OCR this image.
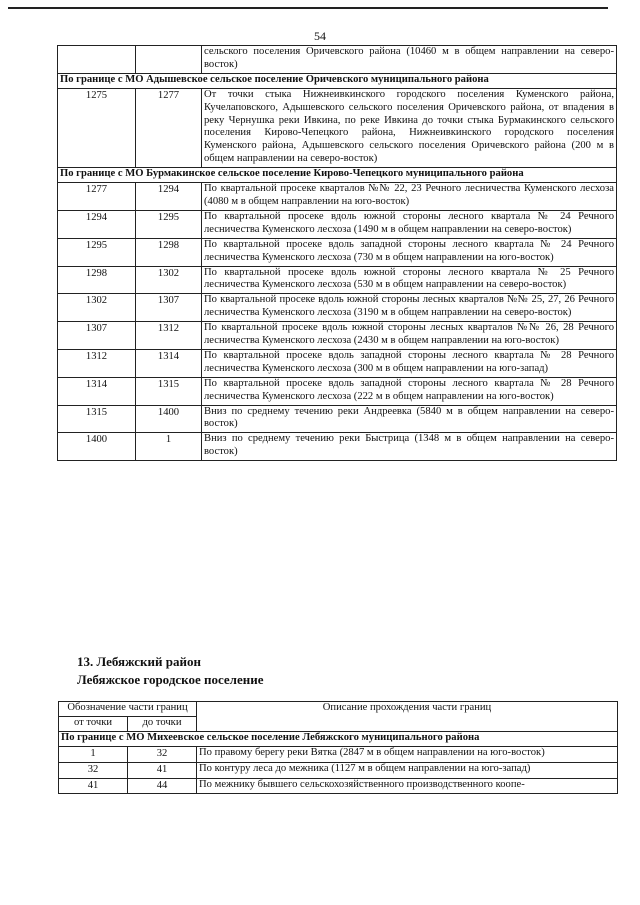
54
		сельского поселения Оричевского района (10460 м в общем направлении на северо-восток)
По границе с МО Адышевское сельское поселение Оричевского муниципального района		
1275	1277	От точки стыка Нижнеивкинского городского поселения Куменского района, Кучелаповского, Адышевского сельского поселения Оричевского района, от впадения в реку Чернушка реки Ивкина, по реке Ивкина до точки стыка Бурмакинского сельского поселения Кирово-Чепецкого района, Нижнеивкинского городского поселения Куменского района, Адышевского сельского поселения Оричевского района (200 м в общем направлении на северо-восток)
По границе с МО Бурмакинское сельское поселение Кирово-Чепецкого муниципального района		
1277	1294	По квартальной просеке кварталов №№ 22, 23 Речного лесничества Куменского лесхоза (4080 м в общем направлении на юго-восток)
1294	1295	По квартальной просеке вдоль южной стороны лесного квартала № 24 Речного лесничества Куменского лесхоза (1490 м в общем направлении на северо-восток)
1295	1298	По квартальной просеке вдоль западной стороны лесного квартала № 24 Речного лесничества Куменского лесхоза (730 м в общем направлении на юго-восток)
1298	1302	По квартальной просеке вдоль южной стороны лесного квартала № 25 Речного лесничества Куменского лесхоза (530 м в общем направлении на северо-восток)
1302	1307	По квартальной просеке вдоль южной стороны лесных кварталов №№ 25, 27, 26 Речного лесничества Куменского лесхоза (3190 м в общем направлении на северо-восток)
1307	1312	По квартальной просеке вдоль южной стороны лесных кварталов №№ 26, 28 Речного лесничества Куменского лесхоза (2430 м в общем направлении на юго-восток)
1312	1314	По квартальной просеке вдоль западной стороны лесного квартала № 28 Речного лесничества Куменского лесхоза (300 м в общем направлении на юго-запад)
1314	1315	По квартальной просеке вдоль западной стороны лесного квартала № 28 Речного лесничества Куменского лесхоза (222 м в общем направлении на юго-восток)
1315	1400	Вниз по среднему течению реки Андреевка (5840 м в общем направлении на северо-восток)
1400	1	Вниз по среднему течению реки Быстрица (1348 м в общем направлении на северо-восток)
13. Лебяжский район
Лебяжское городское поселение
Обозначение части границ		Описание прохождения части границ
от точки	до точки	
По границе с МО Михеевское сельское поселение Лебяжского муниципального района		
1	32	По правому берегу реки Вятка (2847 м в общем направлении на юго-восток)
32	41	По контуру леса до межника (1127 м в общем направлении на юго-запад)
41	44	По межнику бывшего сельскохозяйственного производственного коопе-
